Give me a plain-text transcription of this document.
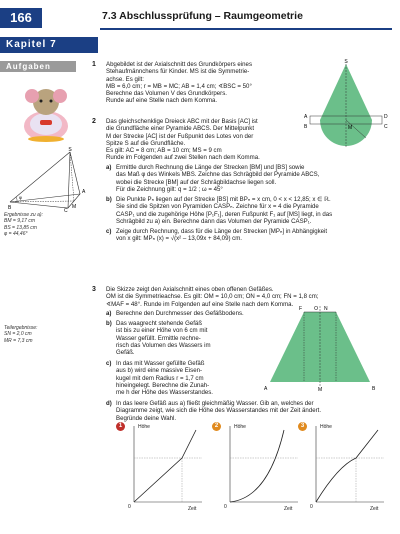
166	7.3 Abschlussprüfung – Raumgeometrie
Kapitel 7
Aufgaben
S
A
B	M
C
φ
Ergebnisse zu a):
BM = 9,17 cm
BS = 13,85 cm
φ = 44,46°
Teilergebnisse:
SN = 2,0 cm
MR = 7,3 cm
1 Abgebildet ist der Axialschnitt des Grundkörpers eines
Stehaufmännchens für Kinder. MS ist die Symmetrie-
achse. Es gilt:
MB = 6,0 cm; r = MB = MC; AB = 1,4 cm; ∢BSC = 50°
Berechne das Volumen V des Grundkörpers.
Runde auf eine Stelle nach dem Komma.
S
A
B	M	C
D
2 Das gleichschenklige Dreieck ABC mit der Basis [AC] ist
die Grundfläche einer Pyramide ABCS. Der Mittelpunkt
M der Strecke [AC] ist der Fußpunkt des Lotes von der
Spitze S auf die Grundfläche.
Es gilt: AC = 8 cm; AB = 10 cm; MS = 9 cm
Runde im Folgenden auf zwei Stellen nach dem Komma.
a) Ermittle durch Rechnung die Länge der Strecken [BM] und [BS] sowie
das Maß φ des Winkels MBS. Zeichne das Schrägbild der Pyramide ABCS,
wobei die Strecke [BM] auf der Schrägbildachse liegen soll.
Für die Zeichnung gilt: q = 1/2 ; ω = 45°
b) Die Punkte Pₙ liegen auf der Strecke [BS] mit BPₙ = x cm, 0 < x < 12,85; x ∈ ℝ.
Sie sind die Spitzen von Pyramiden CASPₙ. Zeichne für x = 4 die Pyramide
CASP₁ und die zugehörige Höhe [P₁F₁], deren Fußpunkt F₁ auf [MS] liegt, in das
Schrägbild zu a) ein. Berechne dann das Volumen der Pyramide CASP₁.
c) Zeige durch Rechnung, dass für die Länge der Strecken [MPₙ] in Abhängigkeit
von x gilt: MPₙ (x) = √(x² – 13,09x + 84,09) cm.
3 Die Skizze zeigt den Axialschnitt eines oben offenen Gefäßes.
OM ist die Symmetrieachse. Es gilt: OM = 10,0 cm; ON = 4,0 cm; FN = 1,8 cm;
∢MAF = 48°. Runde im Folgenden auf eine Stelle nach dem Komma.
a) Berechne den Durchmesser des Gefäßbodens.
b) Das waagrecht stehende Gefäß
ist bis zu einer Höhe von 6 cm mit
Wasser gefüllt. Ermittle rechne-
risch das Volumen des Wassers im
Gefäß.
c) In das mit Wasser gefüllte Gefäß
aus b) wird eine massive Eisen-
kugel mit dem Radius r = 1,7 cm
hineingelegt. Berechne die Zunah-
me h der Höhe des Wasserstandes.
O N
F
A	M	B
d) In das leere Gefäß aus a) fließt gleichmäßig Wasser. Gib an, welches der
Diagramme zeigt, wie sich die Höhe des Wasserstandes mit der Zeit ändert.
Begründe deine Wahl.
1	Höhe
Zeit
0
2	Höhe
Zeit
0
3	Höhe
Zeit
0
